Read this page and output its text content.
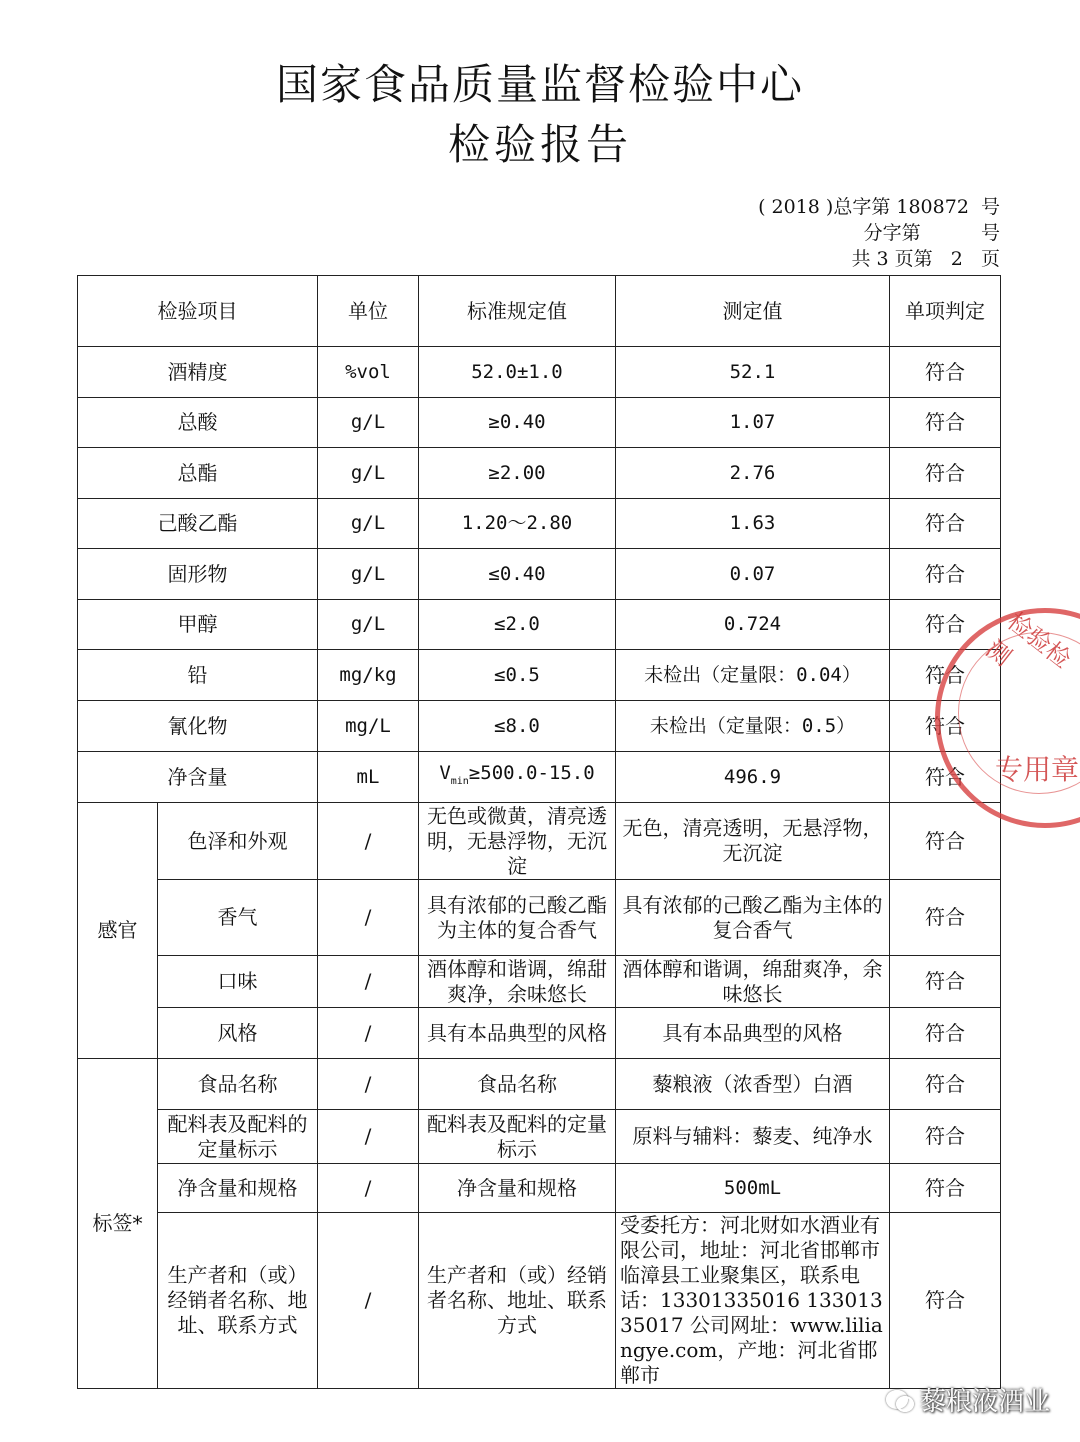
国家食品质量监督检验中心
检验报告
( 2018 )总字第 180872  号
分字第          号
共 3 页第   2   页
检验项目		单位	标准规定值	测定值	单项判定
酒精度		%vol	52.0±1.0	52.1	符合
总酸		g/L	≥0.40	1.07	符合
总酯		g/L	≥2.00	2.76	符合
己酸乙酯		g/L	1.20～2.80	1.63	符合
固形物		g/L	≤0.40	0.07	符合
甲醇		g/L	≤2.0	0.724	符合
铅		mg/kg	≤0.5	未检出（定量限：0.04）	符合
氰化物		mg/L	≤8.0	未检出（定量限：0.5）	符合
净含量		mL	$V_{min}\ge 500.0-15.0$	496.9	符合
感官	色泽和外观	/	无色或微黄，清亮透明，无悬浮物，无沉淀	无色，清亮透明，无悬浮物，无沉淀	符合
	香气	/	具有浓郁的己酸乙酯为主体的复合香气	具有浓郁的己酸乙酯为主体的复合香气	符合
	口味	/	酒体醇和谐调，绵甜爽净，余味悠长	酒体醇和谐调，绵甜爽净，余味悠长	符合
	风格	/	具有本品典型的风格	具有本品典型的风格	符合
标签*	食品名称	/	食品名称	藜粮液（浓香型）白酒	符合
	配料表及配料的定量标示	/	配料表及配料的定量标示	原料与辅料：藜麦、纯净水	符合
	净含量和规格	/	净含量和规格	500mL	符合
	生产者和（或）经销者名称、地址、联系方式	/	生产者和（或）经销者名称、地址、联系方式	受委托方：河北财如水酒业有限公司，地址：河北省邯郸市临漳县工业聚集区，联系电话：13301335016 13301335017 公司网址：www.liliangye.com，产地：河北省邯郸市	符合
检验检测
专用章
藜粮液酒业
